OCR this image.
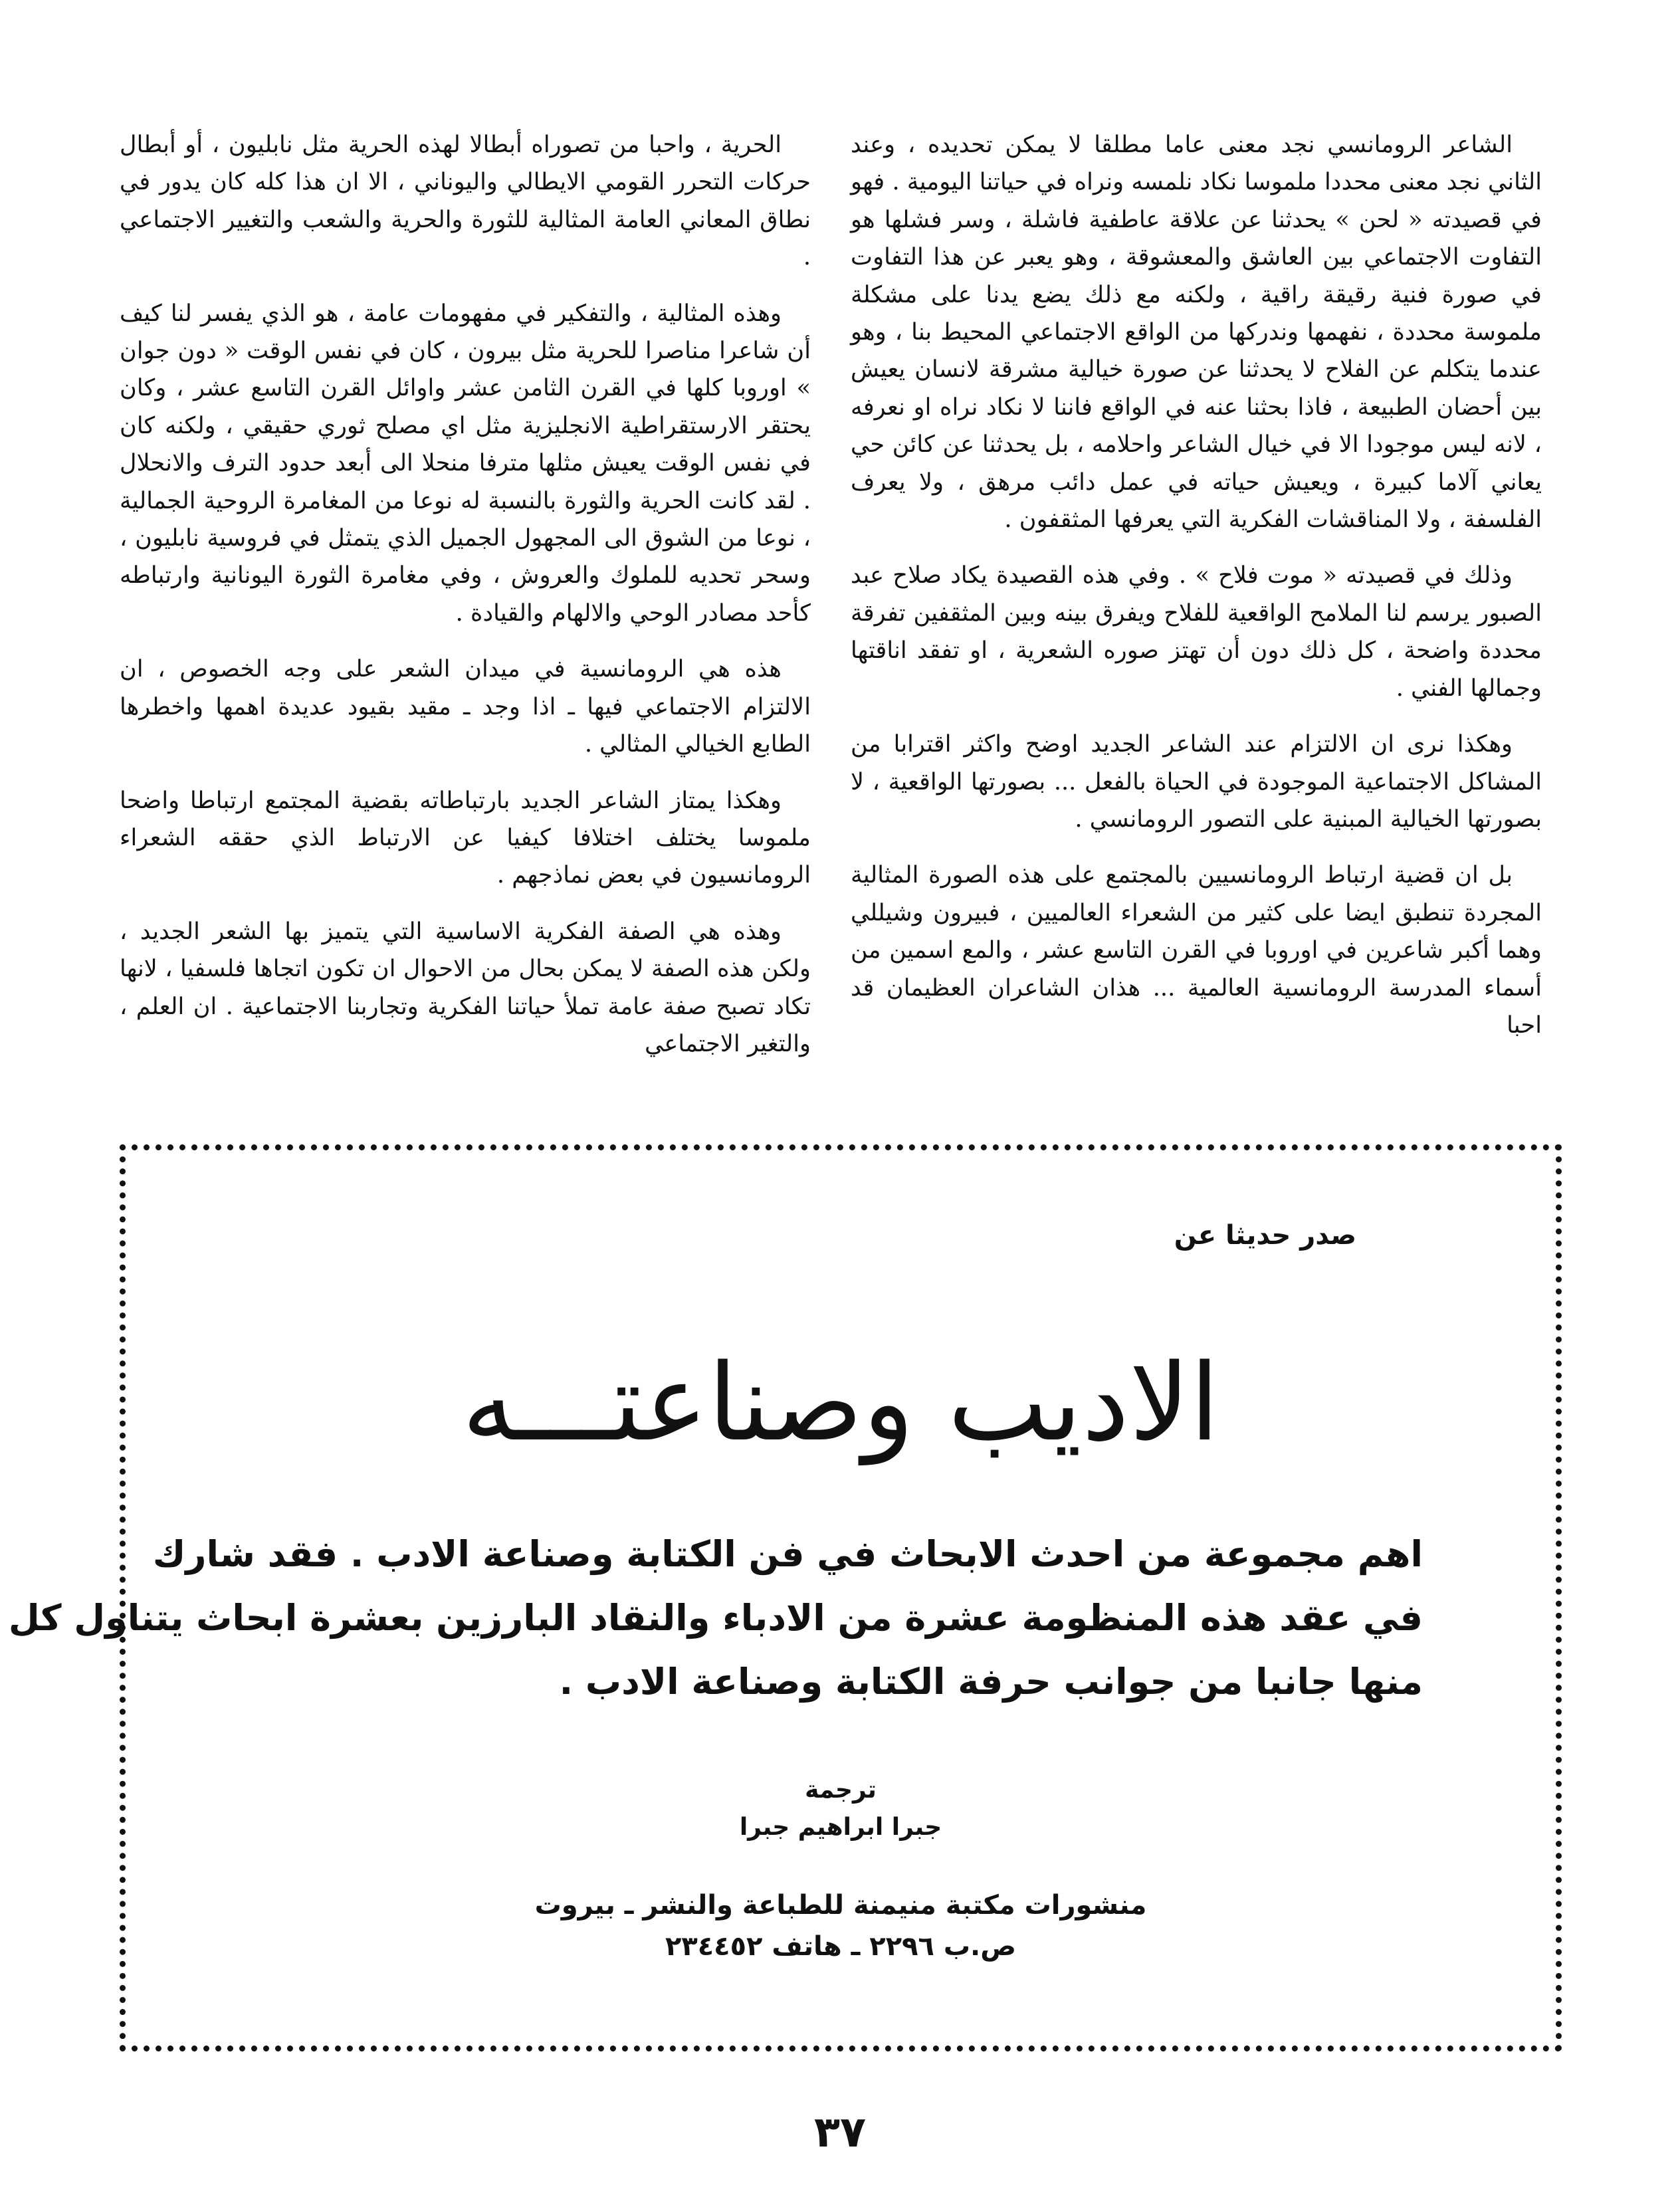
الشاعر الرومانسي نجد معنى عاما مطلقا لا يمكن تحديده ، وعند الثاني نجد معنى محددا ملموسا نكاد نلمسه ونراه في حياتنا اليومية . فهو في قصيدته « لحن » يحدثنا عن علاقة عاطفية فاشلة ، وسر فشلها هو التفاوت الاجتماعي بين العاشق والمعشوقة ، وهو يعبر عن هذا التفاوت في صورة فنية رقيقة راقية ، ولكنه مع ذلك يضع يدنا على مشكلة ملموسة محددة ، نفهمها وندركها من الواقع الاجتماعي المحيط بنا ، وهو عندما يتكلم عن الفلاح لا يحدثنا عن صورة خيالية مشرقة لانسان يعيش بين أحضان الطبيعة ، فاذا بحثنا عنه في الواقع فاننا لا نكاد نراه او نعرفه ، لانه ليس موجودا الا في خيال الشاعر واحلامه ، بل يحدثنا عن كائن حي يعاني آلاما كبيرة ، ويعيش حياته في عمل دائب مرهق ، ولا يعرف الفلسفة ، ولا المناقشات الفكرية التي يعرفها المثقفون .

وذلك في قصيدته « موت فلاح » . وفي هذه القصيدة يكاد صلاح عبد الصبور يرسم لنا الملامح الواقعية للفلاح ويفرق بينه وبين المثقفين تفرقة محددة واضحة ، كل ذلك دون أن تهتز صوره الشعرية ، او تفقد اناقتها وجمالها الفني .

وهكذا نرى ان الالتزام عند الشاعر الجديد اوضح واكثر اقترابا من المشاكل الاجتماعية الموجودة في الحياة بالفعل ... بصورتها الواقعية ، لا بصورتها الخيالية المبنية على التصور الرومانسي .

بل ان قضية ارتباط الرومانسيين بالمجتمع على هذه الصورة المثالية المجردة تنطبق ايضا على كثير من الشعراء العالميين ، فبيرون وشيللي وهما أكبر شاعرين في اوروبا في القرن التاسع عشر ، والمع اسمين من أسماء المدرسة الرومانسية العالمية ... هذان الشاعران العظيمان قد احبا

الحرية ، واحبا من تصوراه أبطالا لهذه الحرية مثل نابليون ، أو أبطال حركات التحرر القومي الايطالي واليوناني ، الا ان هذا كله كان يدور في نطاق المعاني العامة المثالية للثورة والحرية والشعب والتغيير الاجتماعي .

وهذه المثالية ، والتفكير في مفهومات عامة ، هو الذي يفسر لنا كيف أن شاعرا مناصرا للحرية مثل بيرون ، كان في نفس الوقت « دون جوان » اوروبا كلها في القرن الثامن عشر واوائل القرن التاسع عشر ، وكان يحتقر الارستقراطية الانجليزية مثل اي مصلح ثوري حقيقي ، ولكنه كان في نفس الوقت يعيش مثلها مترفا منحلا الى أبعد حدود الترف والانحلال . لقد كانت الحرية والثورة بالنسبة له نوعا من المغامرة الروحية الجمالية ، نوعا من الشوق الى المجهول الجميل الذي يتمثل في فروسية نابليون ، وسحر تحديه للملوك والعروش ، وفي مغامرة الثورة اليونانية وارتباطه كأحد مصادر الوحي والالهام والقيادة .

هذه هي الرومانسية في ميدان الشعر على وجه الخصوص ، ان الالتزام الاجتماعي فيها ـ اذا وجد ـ مقيد بقيود عديدة اهمها واخطرها الطابع الخيالي المثالي .

وهكذا يمتاز الشاعر الجديد بارتباطاته بقضية المجتمع ارتباطا واضحا ملموسا يختلف اختلافا كيفيا عن الارتباط الذي حققه الشعراء الرومانسيون في بعض نماذجهم .

وهذه هي الصفة الفكرية الاساسية التي يتميز بها الشعر الجديد ، ولكن هذه الصفة لا يمكن بحال من الاحوال ان تكون اتجاها فلسفيا ، لانها تكاد تصبح صفة عامة تملأ حياتنا الفكرية وتجاربنا الاجتماعية . ان العلم ، والتغير الاجتماعي

صدر حديثا عن
الاديب وصناعتـــه
اهم مجموعة من احدث الابحاث في فن الكتابة وصناعة الادب . فقد شارك
في عقد هذه المنظومة عشرة من الادباء والنقاد البارزين بعشرة ابحاث يتناول كل
منها جانبا من جوانب حرفة الكتابة وصناعة الادب .
ترجمة
جبرا ابراهيم جبرا
منشورات مكتبة منيمنة للطباعة والنشر ـ بيروت
ص.ب ٢٢٩٦ ـ هاتف ٢٣٤٤٥٢
٣٧
